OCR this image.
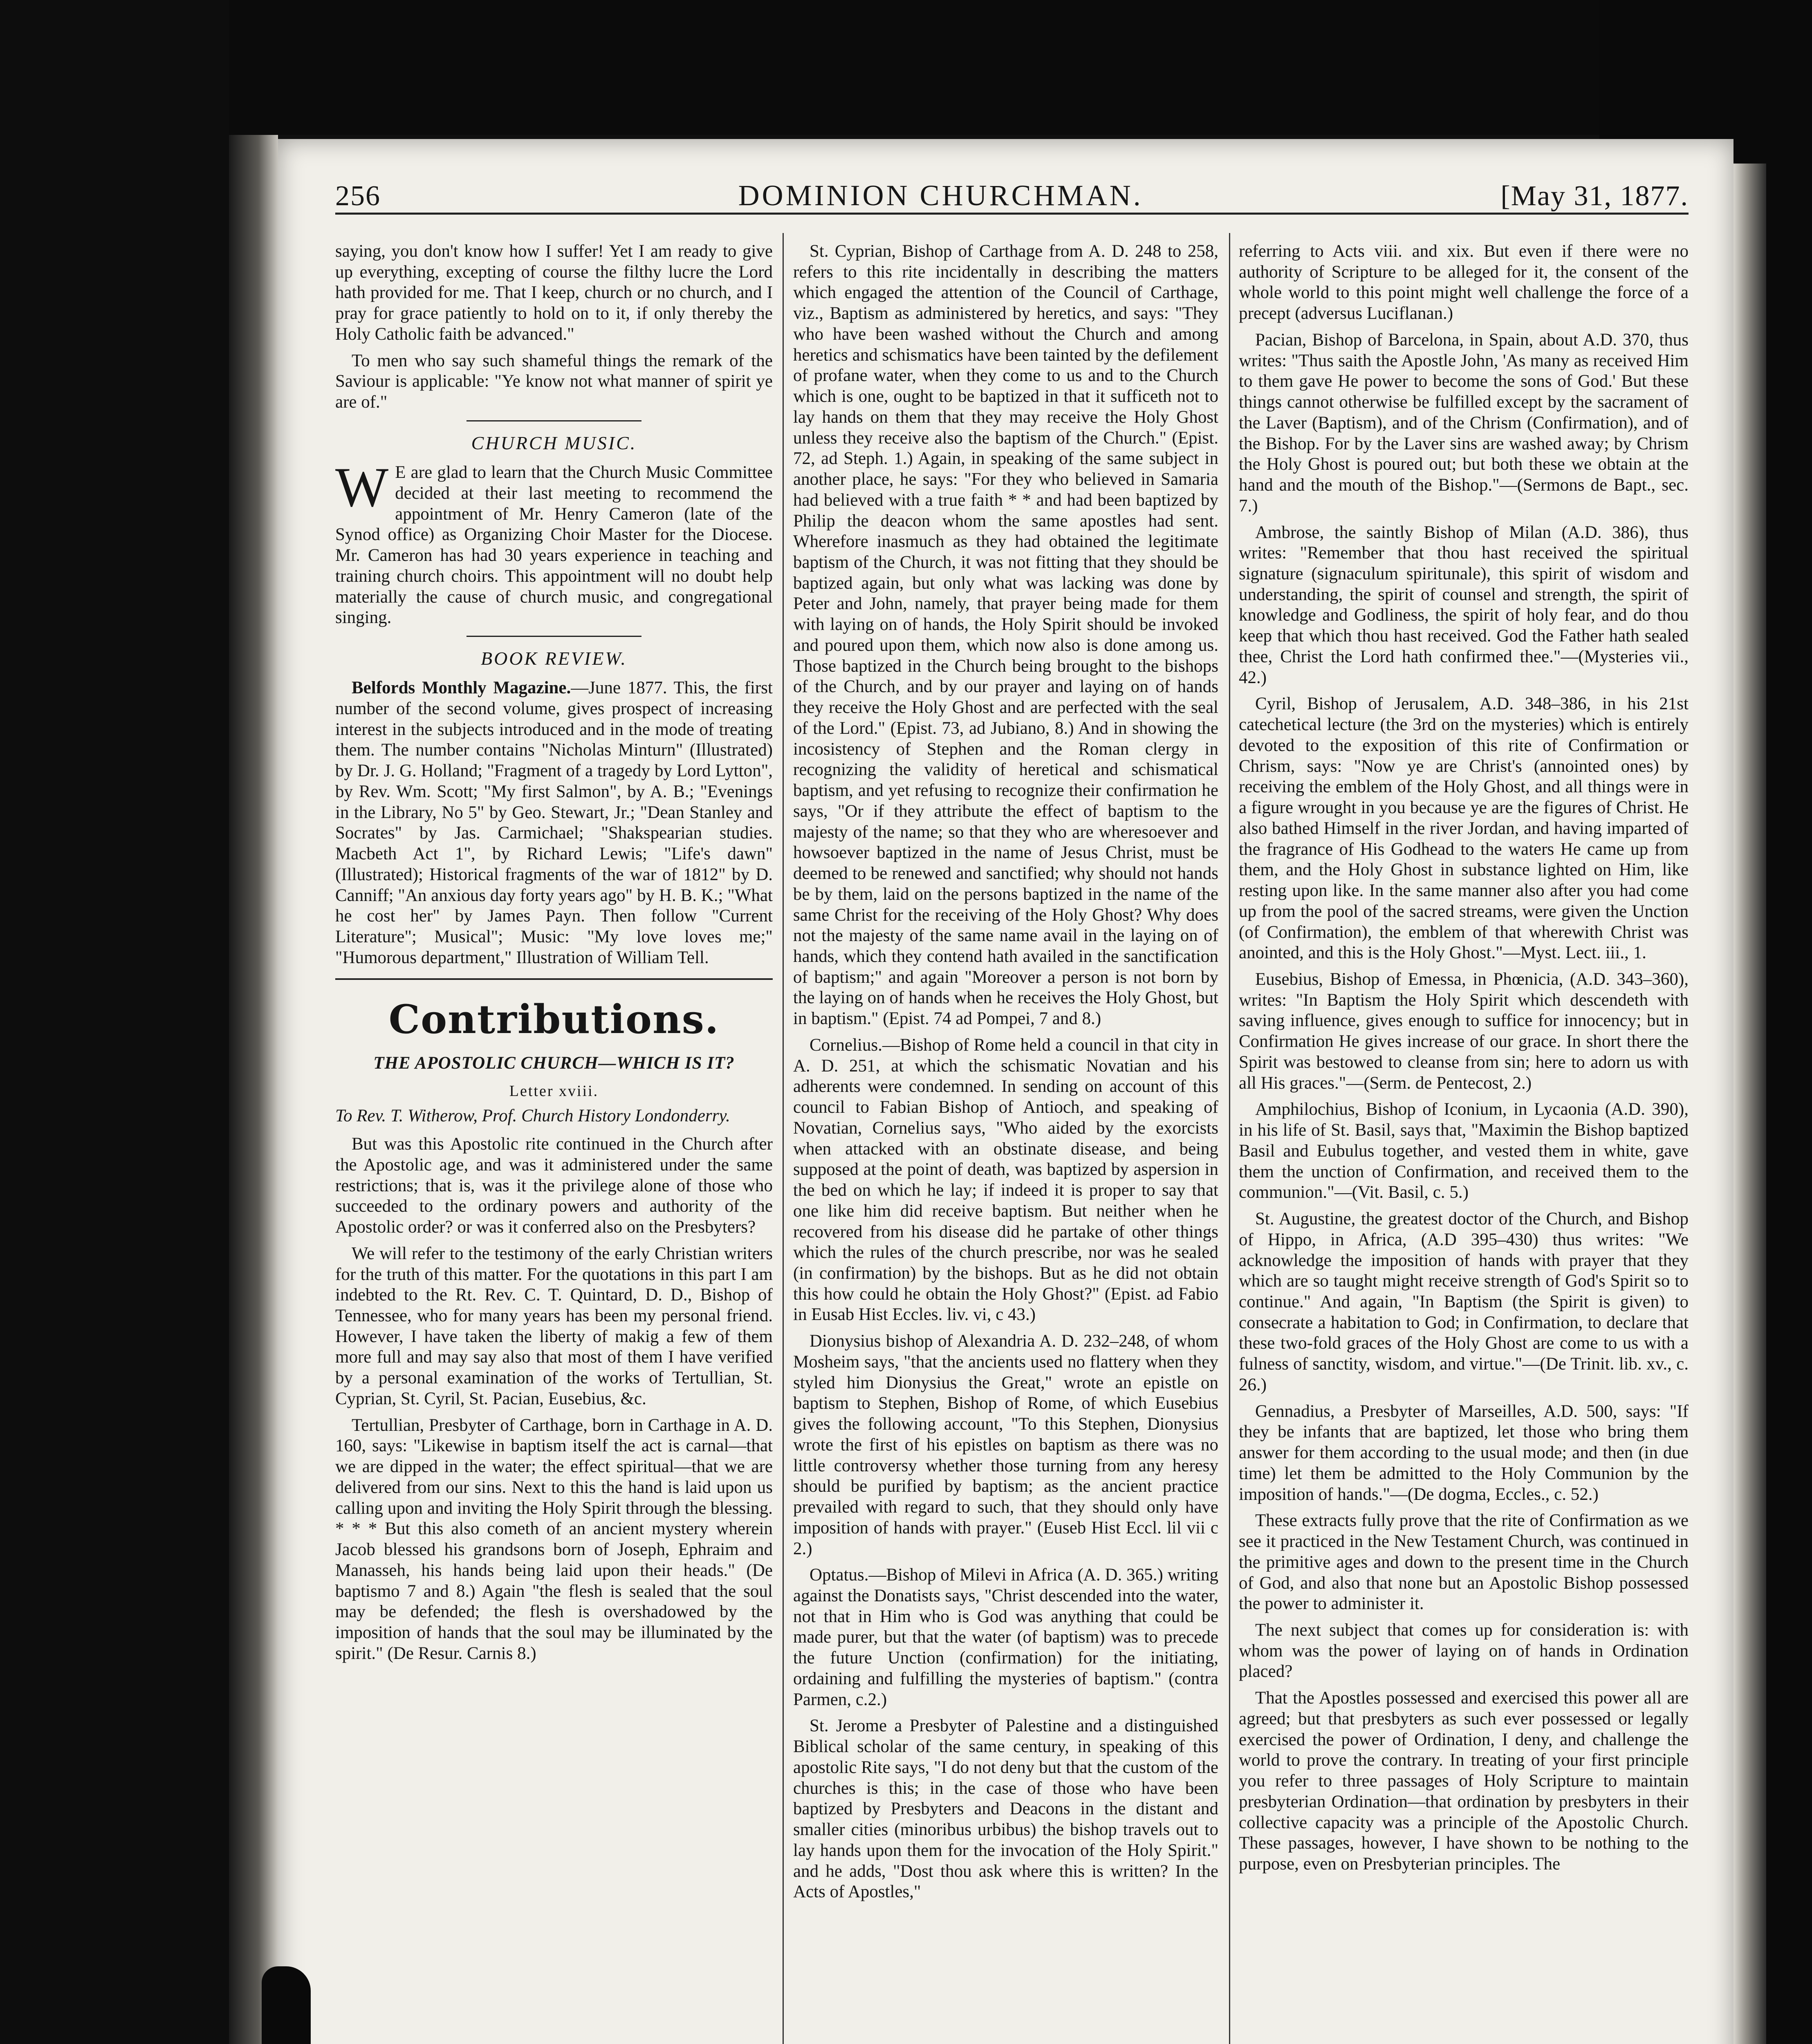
256	DOMINION CHURCHMAN.	[May 31, 1877.

saying, you don't know how I suffer! Yet I am ready to give up everything, excepting of course the filthy lucre the Lord hath provided for me. That I keep, church or no church, and I pray for grace patiently to hold on to it, if only thereby the Holy Catholic faith be advanced."

To men who say such shameful things the remark of the Saviour is applicable: "Ye know not what manner of spirit ye are of."

CHURCH MUSIC.

W E are glad to learn that the Church Music Committee decided at their last meeting to recommend the appointment of Mr. Henry Cameron (late of the Synod office) as Organizing Choir Master for the Diocese. Mr. Cameron has had 30 years experience in teaching and training church choirs. This appointment will no doubt help materially the cause of church music, and congregational singing.

BOOK REVIEW.

Belfords Monthly Magazine.—June 1877. This, the first number of the second volume, gives prospect of increasing interest in the subjects introduced and in the mode of treating them. The number contains "Nicholas Minturn" (Illustrated) by Dr. J. G. Holland; "Fragment of a tragedy by Lord Lytton", by Rev. Wm. Scott; "My first Salmon", by A. B.; "Evenings in the Library, No 5" by Geo. Stewart, Jr.; "Dean Stanley and Socrates" by Jas. Carmichael; "Shakspearian studies. Macbeth Act 1", by Richard Lewis; "Life's dawn" (Illustrated); Historical fragments of the war of 1812" by D. Canniff; "An anxious day forty years ago" by H. B. K.; "What he cost her" by James Payn. Then follow "Current Literature"; Musical"; Music: "My love loves me;" "Humorous department," Illustration of William Tell.

Contributions.
THE APOSTOLIC CHURCH—WHICH IS IT?
Letter xviii.
To Rev. T. Witherow, Prof. Church History Londonderry.

But was this Apostolic rite continued in the Church after the Apostolic age, and was it administered under the same restrictions; that is, was it the privilege alone of those who succeeded to the ordinary powers and authority of the Apostolic order? or was it conferred also on the Presbyters?

We will refer to the testimony of the early Christian writers for the truth of this matter. For the quotations in this part I am indebted to the Rt. Rev. C. T. Quintard, D. D., Bishop of Tennessee, who for many years has been my personal friend. However, I have taken the liberty of makig a few of them more full and may say also that most of them I have verified by a personal examination of the works of Tertullian, St. Cyprian, St. Cyril, St. Pacian, Eusebius, &c.

Tertullian, Presbyter of Carthage, born in Carthage in A. D. 160, says: "Likewise in baptism itself the act is carnal—that we are dipped in the water; the effect spiritual—that we are delivered from our sins. Next to this the hand is laid upon us calling upon and inviting the Holy Spirit through the blessing. * * * But this also cometh of an ancient mystery wherein Jacob blessed his grandsons born of Joseph, Ephraim and Manasseh, his hands being laid upon their heads." (De baptismo 7 and 8.) Again "the flesh is sealed that the soul may be defended; the flesh is overshadowed by the imposition of hands that the soul may be illuminated by the spirit." (De Resur. Carnis 8.)

St. Cyprian, Bishop of Carthage from A. D. 248 to 258, refers to this rite incidentally in describing the matters which engaged the attention of the Council of Carthage, viz., Baptism as administered by heretics, and says: "They who have been washed without the Church and among heretics and schismatics have been tainted by the defilement of profane water, when they come to us and to the Church which is one, ought to be baptized in that it sufficeth not to lay hands on them that they may receive the Holy Ghost unless they receive also the baptism of the Church." (Epist. 72, ad Steph. 1.) Again, in speaking of the same subject in another place, he says: "For they who believed in Samaria had believed with a true faith * * and had been baptized by Philip the deacon whom the same apostles had sent. Wherefore inasmuch as they had obtained the legitimate baptism of the Church, it was not fitting that they should be baptized again, but only what was lacking was done by Peter and John, namely, that prayer being made for them with laying on of hands, the Holy Spirit should be invoked and poured upon them, which now also is done among us. Those baptized in the Church being brought to the bishops of the Church, and by our prayer and laying on of hands they receive the Holy Ghost and are perfected with the seal of the Lord." (Epist. 73, ad Jubiano, 8.) And in showing the incosistency of Stephen and the Roman clergy in recognizing the validity of heretical and schismatical baptism, and yet refusing to recognize their confirmation he says, "Or if they attribute the effect of baptism to the majesty of the name; so that they who are wheresoever and howsoever baptized in the name of Jesus Christ, must be deemed to be renewed and sanctified; why should not hands be by them, laid on the persons baptized in the name of the same Christ for the receiving of the Holy Ghost? Why does not the majesty of the same name avail in the laying on of hands, which they contend hath availed in the sanctification of baptism;" and again "Moreover a person is not born by the laying on of hands when he receives the Holy Ghost, but in baptism." (Epist. 74 ad Pompei, 7 and 8.)

Cornelius.—Bishop of Rome held a council in that city in A. D. 251, at which the schismatic Novatian and his adherents were condemned. In sending on account of this council to Fabian Bishop of Antioch, and speaking of Novatian, Cornelius says, "Who aided by the exorcists when attacked with an obstinate disease, and being supposed at the point of death, was baptized by aspersion in the bed on which he lay; if indeed it is proper to say that one like him did receive baptism. But neither when he recovered from his disease did he partake of other things which the rules of the church prescribe, nor was he sealed (in confirmation) by the bishops. But as he did not obtain this how could he obtain the Holy Ghost?" (Epist. ad Fabio in Eusab Hist Eccles. liv. vi, c 43.)

Dionysius bishop of Alexandria A. D. 232–248, of whom Mosheim says, "that the ancients used no flattery when they styled him Dionysius the Great," wrote an epistle on baptism to Stephen, Bishop of Rome, of which Eusebius gives the following account, "To this Stephen, Dionysius wrote the first of his epistles on baptism as there was no little controversy whether those turning from any heresy should be purified by baptism; as the ancient practice prevailed with regard to such, that they should only have imposition of hands with prayer." (Euseb Hist Eccl. lil vii c 2.)

Optatus.—Bishop of Milevi in Africa (A. D. 365.) writing against the Donatists says, "Christ descended into the water, not that in Him who is God was anything that could be made purer, but that the water (of baptism) was to precede the future Unction (confirmation) for the initiating, ordaining and fulfilling the mysteries of baptism." (contra Parmen, c.2.)

St. Jerome a Presbyter of Palestine and a distinguished Biblical scholar of the same century, in speaking of this apostolic Rite says, "I do not deny but that the custom of the churches is this; in the case of those who have been baptized by Presbyters and Deacons in the distant and smaller cities (minoribus urbibus) the bishop travels out to lay hands upon them for the invocation of the Holy Spirit." and he adds, "Dost thou ask where this is written? In the Acts of Apostles,"

referring to Acts viii. and xix. But even if there were no authority of Scripture to be alleged for it, the consent of the whole world to this point might well challenge the force of a precept (adversus Luciflanan.)

Pacian, Bishop of Barcelona, in Spain, about A.D. 370, thus writes: "Thus saith the Apostle John, 'As many as received Him to them gave He power to become the sons of God.' But these things cannot otherwise be fulfilled except by the sacrament of the Laver (Baptism), and of the Chrism (Confirmation), and of the Bishop. For by the Laver sins are washed away; by Chrism the Holy Ghost is poured out; but both these we obtain at the hand and the mouth of the Bishop."—(Sermons de Bapt., sec. 7.)

Ambrose, the saintly Bishop of Milan (A.D. 386), thus writes: "Remember that thou hast received the spiritual signature (signaculum spiritunale), this spirit of wisdom and understanding, the spirit of counsel and strength, the spirit of knowledge and Godliness, the spirit of holy fear, and do thou keep that which thou hast received. God the Father hath sealed thee, Christ the Lord hath confirmed thee."—(Mysteries vii., 42.)

Cyril, Bishop of Jerusalem, A.D. 348–386, in his 21st catechetical lecture (the 3rd on the mysteries) which is entirely devoted to the exposition of this rite of Confirmation or Chrism, says: "Now ye are Christ's (annointed ones) by receiving the emblem of the Holy Ghost, and all things were in a figure wrought in you because ye are the figures of Christ. He also bathed Himself in the river Jordan, and having imparted of the fragrance of His Godhead to the waters He came up from them, and the Holy Ghost in substance lighted on Him, like resting upon like. In the same manner also after you had come up from the pool of the sacred streams, were given the Unction (of Confirmation), the emblem of that wherewith Christ was anointed, and this is the Holy Ghost."—Myst. Lect. iii., 1.

Eusebius, Bishop of Emessa, in Phœnicia, (A.D. 343–360), writes: "In Baptism the Holy Spirit which descendeth with saving influence, gives enough to suffice for innocency; but in Confirmation He gives increase of our grace. In short there the Spirit was bestowed to cleanse from sin; here to adorn us with all His graces."—(Serm. de Pentecost, 2.)

Amphilochius, Bishop of Iconium, in Lycaonia (A.D. 390), in his life of St. Basil, says that, "Maximin the Bishop baptized Basil and Eubulus together, and vested them in white, gave them the unction of Confirmation, and received them to the communion."—(Vit. Basil, c. 5.)

St. Augustine, the greatest doctor of the Church, and Bishop of Hippo, in Africa, (A.D 395–430) thus writes: "We acknowledge the imposition of hands with prayer that they which are so taught might receive strength of God's Spirit so to continue." And again, "In Baptism (the Spirit is given) to consecrate a habitation to God; in Confirmation, to declare that these two-fold graces of the Holy Ghost are come to us with a fulness of sanctity, wisdom, and virtue."—(De Trinit. lib. xv., c. 26.)

Gennadius, a Presbyter of Marseilles, A.D. 500, says: "If they be infants that are baptized, let those who bring them answer for them according to the usual mode; and then (in due time) let them be admitted to the Holy Communion by the imposition of hands."—(De dogma, Eccles., c. 52.)

These extracts fully prove that the rite of Confirmation as we see it practiced in the New Testament Church, was continued in the primitive ages and down to the present time in the Church of God, and also that none but an Apostolic Bishop possessed the power to administer it.

The next subject that comes up for consideration is: with whom was the power of laying on of hands in Ordination placed?

That the Apostles possessed and exercised this power all are agreed; but that presbyters as such ever possessed or legally exercised the power of Ordination, I deny, and challenge the world to prove the contrary. In treating of your first principle you refer to three passages of Holy Scripture to maintain presbyterian Ordination—that ordination by presbyters in their collective capacity was a principle of the Apostolic Church. These passages, however, I have shown to be nothing to the purpose, even on Presbyterian principles. The
